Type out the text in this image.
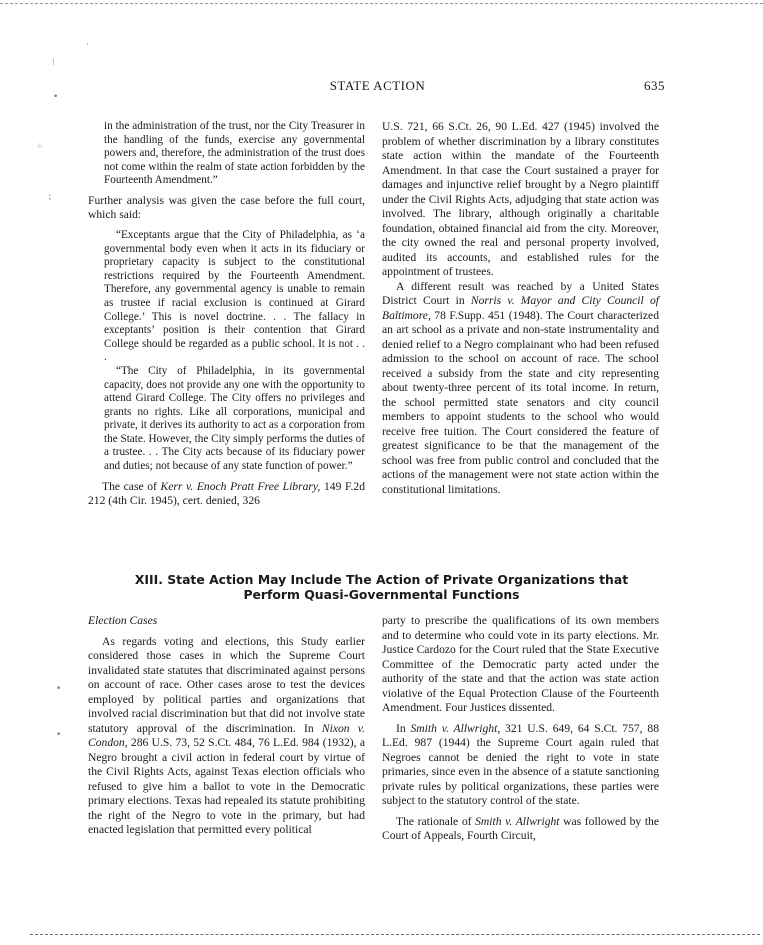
·
⁝
•
⁘
⁏
•
•
STATE ACTION	635

in the administration of the trust, nor the City Treasurer in the handling of the funds, exercise any governmental powers and, therefore, the administration of the trust does not come within the realm of state action forbidden by the Fourteenth Amendment.”

Further analysis was given the case before the full court, which said:

“Exceptants argue that the City of Philadelphia, as ‘a governmental body even when it acts in its fiduciary or proprietary capacity is subject to the constitutional restrictions required by the Fourteenth Amendment. Therefore, any governmental agency is unable to remain as trustee if racial exclusion is continued at Girard College.’ This is novel doctrine. . . The fallacy in exceptants’ position is their contention that Girard College should be regarded as a public school. It is not . . .

“The City of Philadelphia, in its governmental capacity, does not provide any one with the opportunity to attend Girard College. The City offers no privileges and grants no rights. Like all corporations, municipal and private, it derives its authority to act as a corporation from the State. However, the City simply performs the duties of a trustee. . . The City acts because of its fiduciary power and duties; not because of any state function of power.”

The case of Kerr v. Enoch Pratt Free Library, 149 F.2d 212 (4th Cir. 1945), cert. denied, 326

U.S. 721, 66 S.Ct. 26, 90 L.Ed. 427 (1945) involved the problem of whether discrimination by a library constitutes state action within the mandate of the Fourteenth Amendment. In that case the Court sustained a prayer for damages and injunctive relief brought by a Negro plaintiff under the Civil Rights Acts, adjudging that state action was involved. The library, although originally a charitable foundation, obtained financial aid from the city. Moreover, the city owned the real and personal property involved, audited its accounts, and established rules for the appointment of trustees.

A different result was reached by a United States District Court in Norris v. Mayor and City Council of Baltimore, 78 F.Supp. 451 (1948). The Court characterized an art school as a private and non-state instrumentality and denied relief to a Negro complainant who had been refused admission to the school on account of race. The school received a subsidy from the state and city representing about twenty-three percent of its total income. In return, the school permitted state senators and city council members to appoint students to the school who would receive free tuition. The Court considered the feature of greatest significance to be that the management of the school was free from public control and concluded that the actions of the management were not state action within the constitutional limitations.

XIII. State Action May Include The Action of Private Organizations that
Perform Quasi-Governmental Functions

Election Cases

As regards voting and elections, this Study earlier considered those cases in which the Supreme Court invalidated state statutes that discriminated against persons on account of race. Other cases arose to test the devices employed by political parties and organizations that involved racial discrimination but that did not involve state statutory approval of the discrimination. In Nixon v. Condon, 286 U.S. 73, 52 S.Ct. 484, 76 L.Ed. 984 (1932), a Negro brought a civil action in federal court by virtue of the Civil Rights Acts, against Texas election officials who refused to give him a ballot to vote in the Democratic primary elections. Texas had repealed its statute prohibiting the right of the Negro to vote in the primary, but had enacted legislation that permitted every political

party to prescribe the qualifications of its own members and to determine who could vote in its party elections. Mr. Justice Cardozo for the Court ruled that the State Executive Committee of the Democratic party acted under the authority of the state and that the action was state action violative of the Equal Protection Clause of the Fourteenth Amendment. Four Justices dissented.

In Smith v. Allwright, 321 U.S. 649, 64 S.Ct. 757, 88 L.Ed. 987 (1944) the Supreme Court again ruled that Negroes cannot be denied the right to vote in state primaries, since even in the absence of a statute sanctioning private rules by political organizations, these parties were subject to the statutory control of the state.

The rationale of Smith v. Allwright was followed by the Court of Appeals, Fourth Circuit,
